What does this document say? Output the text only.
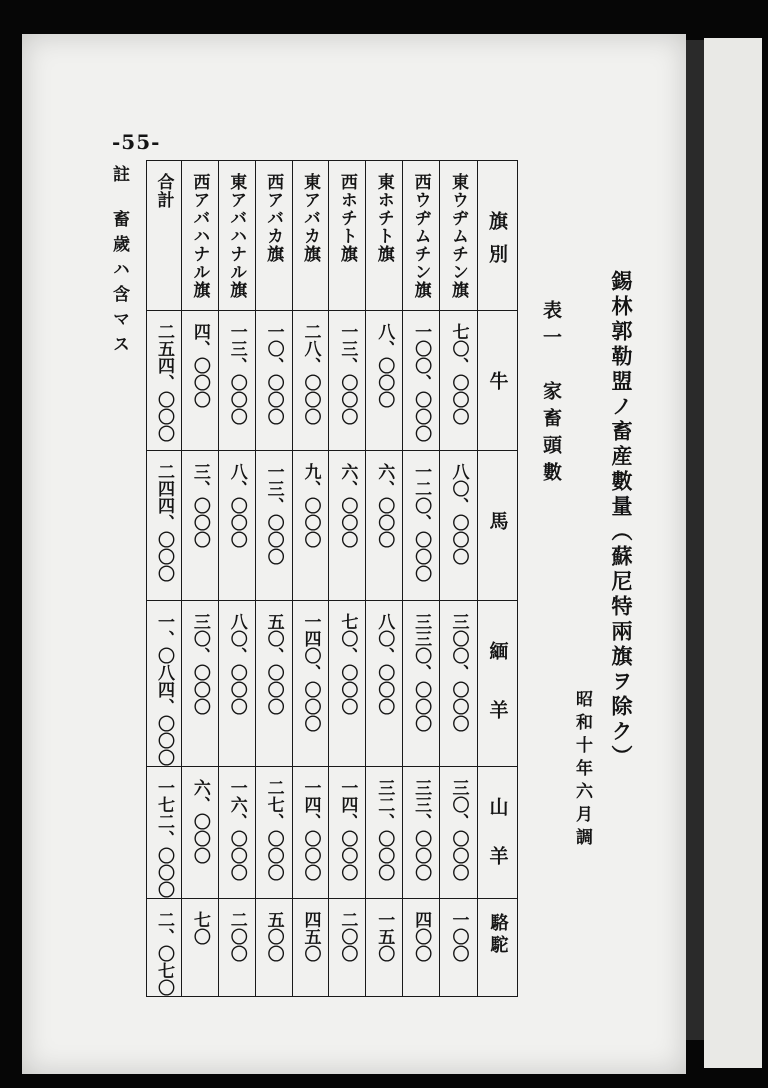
-55-
錫林郭勒盟ノ畜産數量（蘇尼特兩旗ヲ除ク）
表一　家畜頭數
昭和十年六月調
註畜歲ハ含マス	旗別	東ウヂムチン旗	西ウヂムチン旗	東ホチト旗	西ホチト旗	東アバカ旗	西アバカ旗	東アバハナル旗	西アバハナル旗	合計

牛	七〇、〇〇〇	一〇〇、〇〇〇	八、〇〇〇	一三、〇〇〇	二八、〇〇〇	一〇、〇〇〇	一三、〇〇〇	四、〇〇〇	二五四、〇〇〇

馬	八〇、〇〇〇	一二〇、〇〇〇	六、〇〇〇	六、〇〇〇	九、〇〇〇	一三、〇〇〇	八、〇〇〇	三、〇〇〇	二四四、〇〇〇

緬羊	三〇〇、〇〇〇	三三〇、〇〇〇	八〇、〇〇〇	七〇、〇〇〇	一四〇、〇〇〇	五〇、〇〇〇	八〇、〇〇〇	三〇、〇〇〇	一、〇八四、〇〇〇

山羊	三〇、〇〇〇	三三、〇〇〇	三二、〇〇〇	一四、〇〇〇	一四、〇〇〇	二七、〇〇〇	一六、〇〇〇	六、〇〇〇	一七二、〇〇〇

駱駝	一〇〇	四〇〇	一五〇	二〇〇	四五〇	五〇〇	二〇〇	七〇	二、〇七〇
